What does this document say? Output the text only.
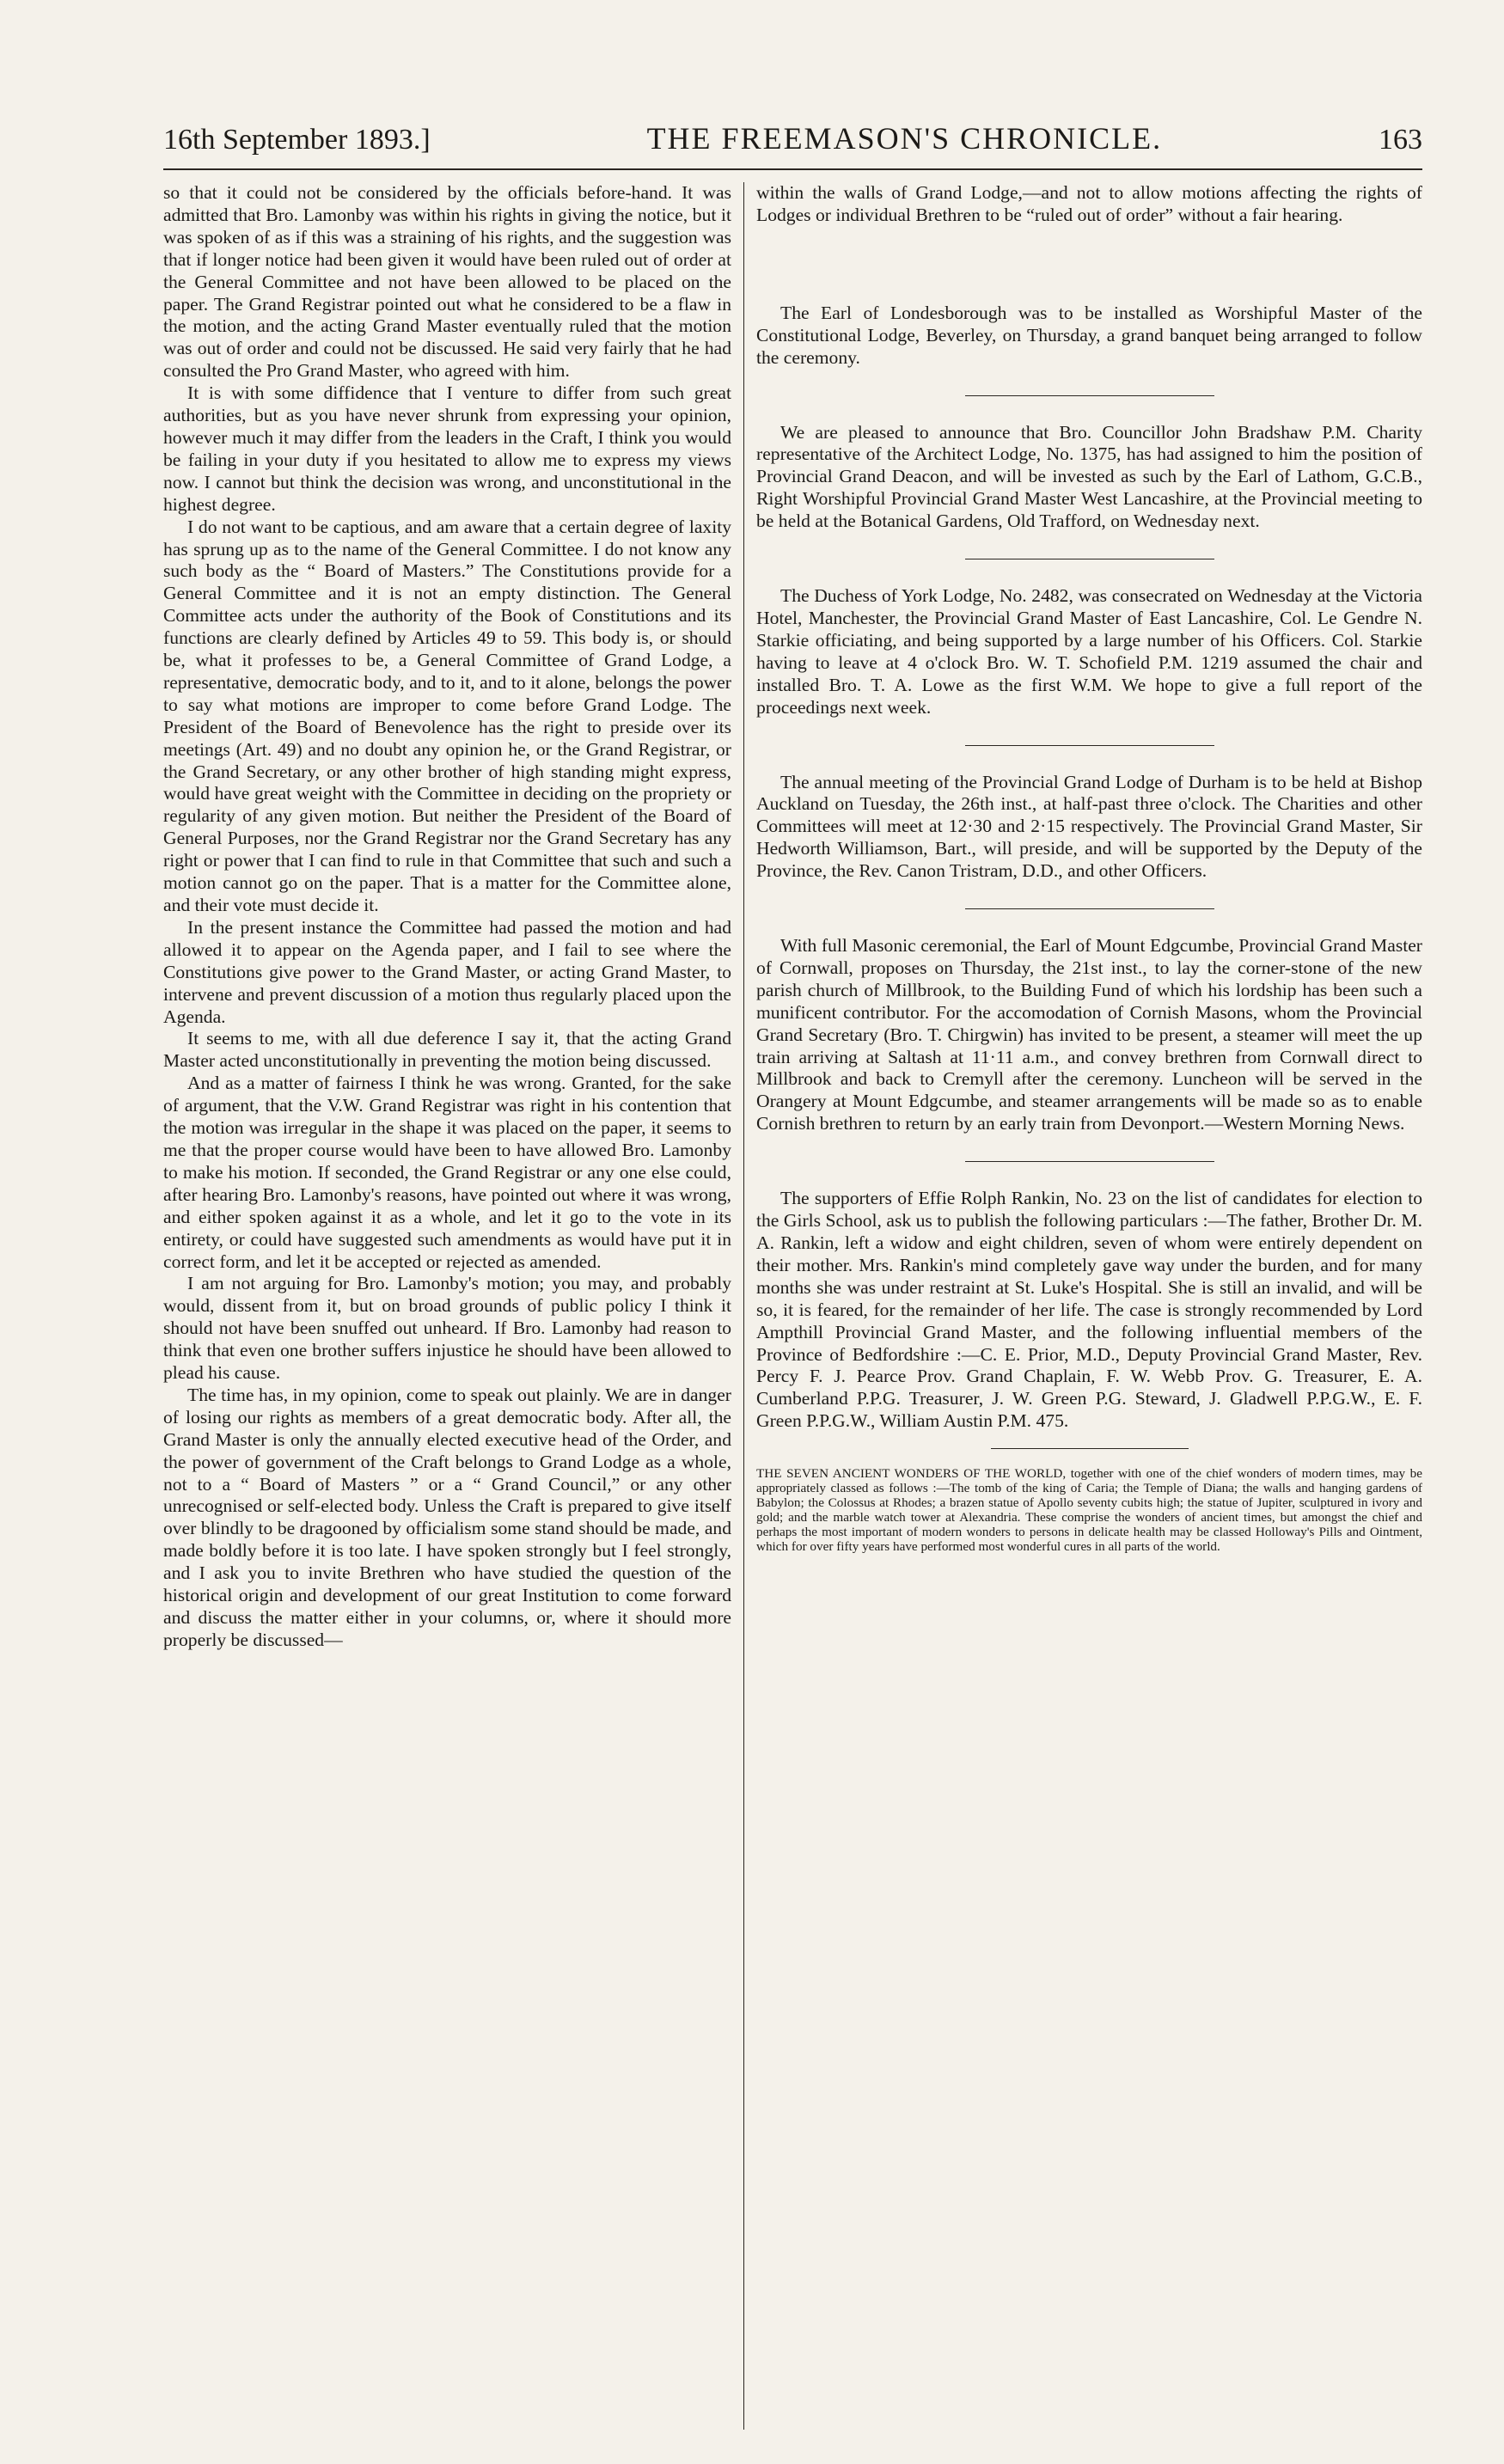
16th September 1893.]	THE FREEMASON'S CHRONICLE.	163

so that it could not be considered by the officials before-hand. It was admitted that Bro. Lamonby was within his rights in giving the notice, but it was spoken of as if this was a straining of his rights, and the suggestion was that if longer notice had been given it would have been ruled out of order at the General Committee and not have been allowed to be placed on the paper. The Grand Registrar pointed out what he considered to be a flaw in the motion, and the acting Grand Master eventually ruled that the motion was out of order and could not be discussed. He said very fairly that he had consulted the Pro Grand Master, who agreed with him.

It is with some diffidence that I venture to differ from such great authorities, but as you have never shrunk from expressing your opinion, however much it may differ from the leaders in the Craft, I think you would be failing in your duty if you hesitated to allow me to express my views now. I cannot but think the decision was wrong, and unconstitutional in the highest degree.

I do not want to be captious, and am aware that a certain degree of laxity has sprung up as to the name of the General Committee. I do not know any such body as the “ Board of Masters.” The Constitutions provide for a General Committee and it is not an empty distinction. The General Committee acts under the authority of the Book of Constitutions and its functions are clearly defined by Articles 49 to 59. This body is, or should be, what it professes to be, a General Committee of Grand Lodge, a representative, democratic body, and to it, and to it alone, belongs the power to say what motions are improper to come before Grand Lodge. The President of the Board of Benevolence has the right to preside over its meetings (Art. 49) and no doubt any opinion he, or the Grand Registrar, or the Grand Secretary, or any other brother of high standing might express, would have great weight with the Committee in deciding on the propriety or regularity of any given motion. But neither the President of the Board of General Purposes, nor the Grand Registrar nor the Grand Secretary has any right or power that I can find to rule in that Committee that such and such a motion cannot go on the paper. That is a matter for the Committee alone, and their vote must decide it.

In the present instance the Committee had passed the motion and had allowed it to appear on the Agenda paper, and I fail to see where the Constitutions give power to the Grand Master, or acting Grand Master, to intervene and prevent discussion of a motion thus regularly placed upon the Agenda.

It seems to me, with all due deference I say it, that the acting Grand Master acted unconstitutionally in preventing the motion being discussed.

And as a matter of fairness I think he was wrong. Granted, for the sake of argument, that the V.W. Grand Registrar was right in his contention that the motion was irregular in the shape it was placed on the paper, it seems to me that the proper course would have been to have allowed Bro. Lamonby to make his motion. If seconded, the Grand Registrar or any one else could, after hearing Bro. Lamonby's reasons, have pointed out where it was wrong, and either spoken against it as a whole, and let it go to the vote in its entirety, or could have suggested such amendments as would have put it in correct form, and let it be accepted or rejected as amended.

I am not arguing for Bro. Lamonby's motion; you may, and probably would, dissent from it, but on broad grounds of public policy I think it should not have been snuffed out unheard. If Bro. Lamonby had reason to think that even one brother suffers injustice he should have been allowed to plead his cause.

The time has, in my opinion, come to speak out plainly. We are in danger of losing our rights as members of a great democratic body. After all, the Grand Master is only the annually elected executive head of the Order, and the power of government of the Craft belongs to Grand Lodge as a whole, not to a “ Board of Masters ” or a “ Grand Council,” or any other unrecognised or self-elected body. Unless the Craft is prepared to give itself over blindly to be dragooned by officialism some stand should be made, and made boldly before it is too late. I have spoken strongly but I feel strongly, and I ask you to invite Brethren who have studied the question of the historical origin and development of our great Institution to come forward and discuss the matter either in your columns, or, where it should more properly be discussed—

within the walls of Grand Lodge,—and not to allow motions affecting the rights of Lodges or individual Brethren to be “ruled out of order” without a fair hearing.

The Earl of Londesborough was to be installed as Worshipful Master of the Constitutional Lodge, Beverley, on Thursday, a grand banquet being arranged to follow the ceremony.

We are pleased to announce that Bro. Councillor John Bradshaw P.M. Charity representative of the Architect Lodge, No. 1375, has had assigned to him the position of Provincial Grand Deacon, and will be invested as such by the Earl of Lathom, G.C.B., Right Worshipful Provincial Grand Master West Lancashire, at the Provincial meeting to be held at the Botanical Gardens, Old Trafford, on Wednesday next.

The Duchess of York Lodge, No. 2482, was consecrated on Wednesday at the Victoria Hotel, Manchester, the Provincial Grand Master of East Lancashire, Col. Le Gendre N. Starkie officiating, and being supported by a large number of his Officers. Col. Starkie having to leave at 4 o'clock Bro. W. T. Schofield P.M. 1219 assumed the chair and installed Bro. T. A. Lowe as the first W.M. We hope to give a full report of the proceedings next week.

The annual meeting of the Provincial Grand Lodge of Durham is to be held at Bishop Auckland on Tuesday, the 26th inst., at half-past three o'clock. The Charities and other Committees will meet at 12·30 and 2·15 respectively. The Provincial Grand Master, Sir Hedworth Williamson, Bart., will preside, and will be supported by the Deputy of the Province, the Rev. Canon Tristram, D.D., and other Officers.

With full Masonic ceremonial, the Earl of Mount Edgcumbe, Provincial Grand Master of Cornwall, proposes on Thursday, the 21st inst., to lay the corner-stone of the new parish church of Millbrook, to the Building Fund of which his lordship has been such a munificent contributor. For the accomodation of Cornish Masons, whom the Provincial Grand Secretary (Bro. T. Chirgwin) has invited to be present, a steamer will meet the up train arriving at Saltash at 11·11 a.m., and convey brethren from Cornwall direct to Millbrook and back to Cremyll after the ceremony. Luncheon will be served in the Orangery at Mount Edgcumbe, and steamer arrangements will be made so as to enable Cornish brethren to return by an early train from Devonport.—Western Morning News.

The supporters of Effie Rolph Rankin, No. 23 on the list of candidates for election to the Girls School, ask us to publish the following particulars :—The father, Brother Dr. M. A. Rankin, left a widow and eight children, seven of whom were entirely dependent on their mother. Mrs. Rankin's mind completely gave way under the burden, and for many months she was under restraint at St. Luke's Hospital. She is still an invalid, and will be so, it is feared, for the remainder of her life. The case is strongly recommended by Lord Ampthill Provincial Grand Master, and the following influential members of the Province of Bedfordshire :—C. E. Prior, M.D., Deputy Provincial Grand Master, Rev. Percy F. J. Pearce Prov. Grand Chaplain, F. W. Webb Prov. G. Treasurer, E. A. Cumberland P.P.G. Treasurer, J. W. Green P.G. Steward, J. Gladwell P.P.G.W., E. F. Green P.P.G.W., William Austin P.M. 475.

THE SEVEN ANCIENT WONDERS OF THE WORLD, together with one of the chief wonders of modern times, may be appropriately classed as follows :—The tomb of the king of Caria; the Temple of Diana; the walls and hanging gardens of Babylon; the Colossus at Rhodes; a brazen statue of Apollo seventy cubits high; the statue of Jupiter, sculptured in ivory and gold; and the marble watch tower at Alexandria. These comprise the wonders of ancient times, but amongst the chief and perhaps the most important of modern wonders to persons in delicate health may be classed Holloway's Pills and Ointment, which for over fifty years have performed most wonderful cures in all parts of the world.
